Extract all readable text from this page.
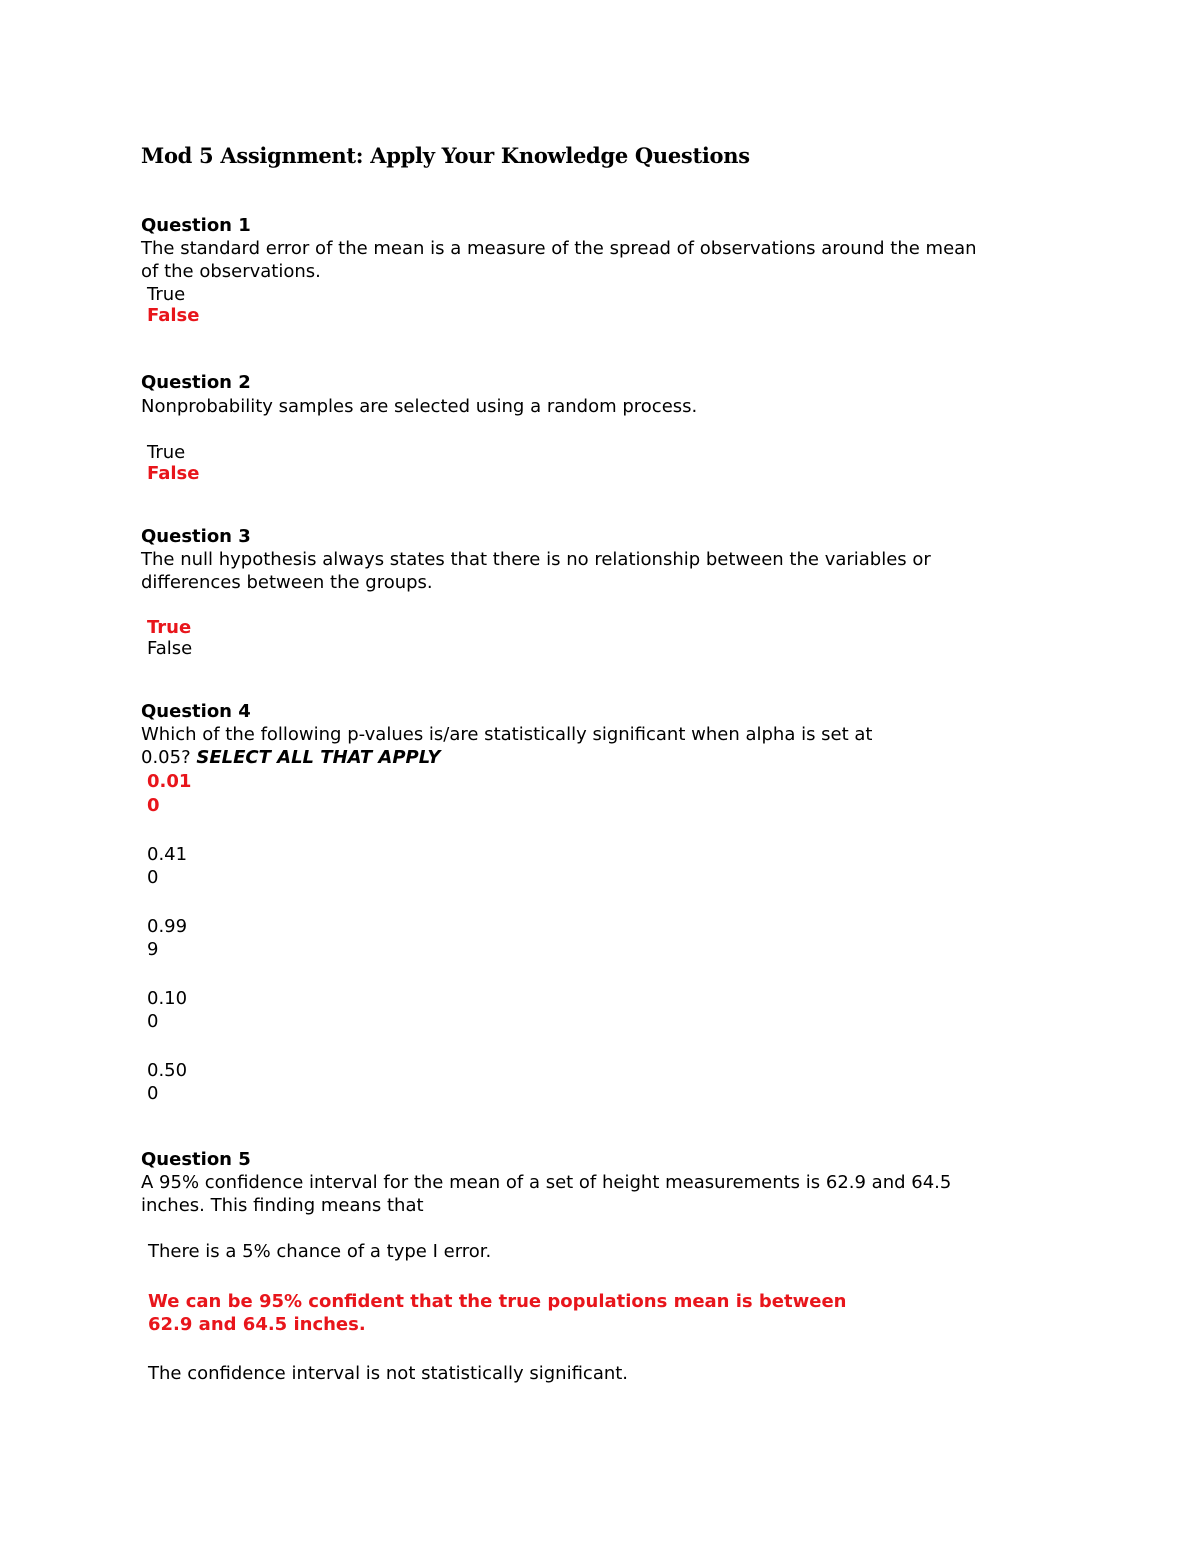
Mod 5 Assignment: Apply Your Knowledge Questions

Question 1

The standard error of the mean is a measure of the spread of observations around the mean

of the observations.

True

False

Question 2

Nonprobability samples are selected using a random process.

True

False

Question 3

The null hypothesis always states that there is no relationship between the variables or

differences between the groups.

True

False

Question 4

Which of the following p-values is/are statistically significant when alpha is set at

0.05? SELECT ALL THAT APPLY

0.01

0

0.41

0

0.99

9

0.10

0

0.50

0

Question 5

A 95% confidence interval for the mean of a set of height measurements is 62.9 and 64.5

inches. This finding means that

There is a 5% chance of a type I error.

We can be 95% confident that the true populations mean is between

62.9 and 64.5 inches.

The confidence interval is not statistically significant.
